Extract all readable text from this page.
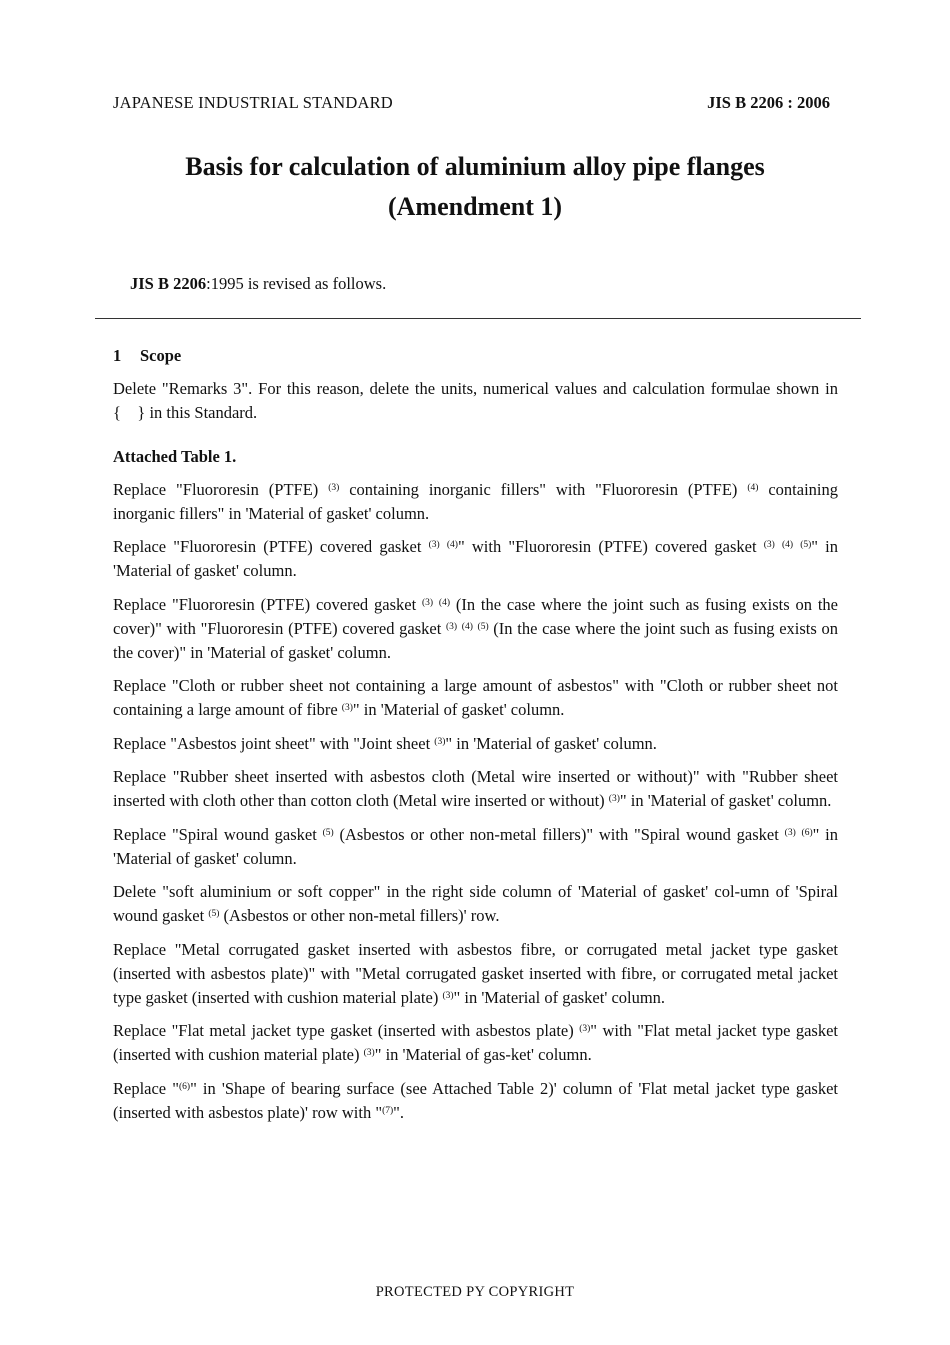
JAPANESE INDUSTRIAL STANDARD	JIS B 2206 : 2006
Basis for calculation of aluminium alloy pipe flanges
(Amendment 1)
JIS B 2206:1995 is revised as follows.
1 Scope

Delete "Remarks 3". For this reason, delete the units, numerical values and calculation formulae shown in {　} in this Standard.

Attached Table 1.

Replace "Fluororesin (PTFE) $^{(3)}$ containing inorganic fillers" with "Fluororesin (PTFE) $^{(4)}$ containing inorganic fillers" in 'Material of gasket' column.

Replace "Fluororesin (PTFE) covered gasket $^{(3)}$ $^{(4)}$" with "Fluororesin (PTFE) covered gasket $^{(3)}$ $^{(4)}$ $^{(5)}$" in 'Material of gasket' column.

Replace "Fluororesin (PTFE) covered gasket $^{(3)}$ $^{(4)}$ (In the case where the joint such as fusing exists on the cover)" with "Fluororesin (PTFE) covered gasket $^{(3)}$ $^{(4)}$ $^{(5)}$ (In the case where the joint such as fusing exists on the cover)" in 'Material of gasket' column.

Replace "Cloth or rubber sheet not containing a large amount of asbestos" with "Cloth or rubber sheet not containing a large amount of fibre $^{(3)}$" in 'Material of gasket' column.

Replace "Asbestos joint sheet" with "Joint sheet $^{(3)}$" in 'Material of gasket' column.

Replace "Rubber sheet inserted with asbestos cloth (Metal wire inserted or without)" with "Rubber sheet inserted with cloth other than cotton cloth (Metal wire inserted or without) $^{(3)}$" in 'Material of gasket' column.

Replace "Spiral wound gasket $^{(5)}$ (Asbestos or other non-metal fillers)" with "Spiral wound gasket $^{(3)}$ $^{(6)}$" in 'Material of gasket' column.

Delete "soft aluminium or soft copper" in the right side column of 'Material of gasket' col-umn of 'Spiral wound gasket $^{(5)}$ (Asbestos or other non-metal fillers)' row.

Replace "Metal corrugated gasket inserted with asbestos fibre, or corrugated metal jacket type gasket (inserted with asbestos plate)" with "Metal corrugated gasket inserted with fibre, or corrugated metal jacket type gasket (inserted with cushion material plate) $^{(3)}$" in 'Material of gasket' column.

Replace "Flat metal jacket type gasket (inserted with asbestos plate) $^{(3)}$" with "Flat metal jacket type gasket (inserted with cushion material plate) $^{(3)}$" in 'Material of gas-ket' column.

Replace "$^{(6)}$" in 'Shape of bearing surface (see Attached Table 2)' column of 'Flat metal jacket type gasket (inserted with asbestos plate)' row with "$^{(7)}$".

PROTECTED PY COPYRIGHT
